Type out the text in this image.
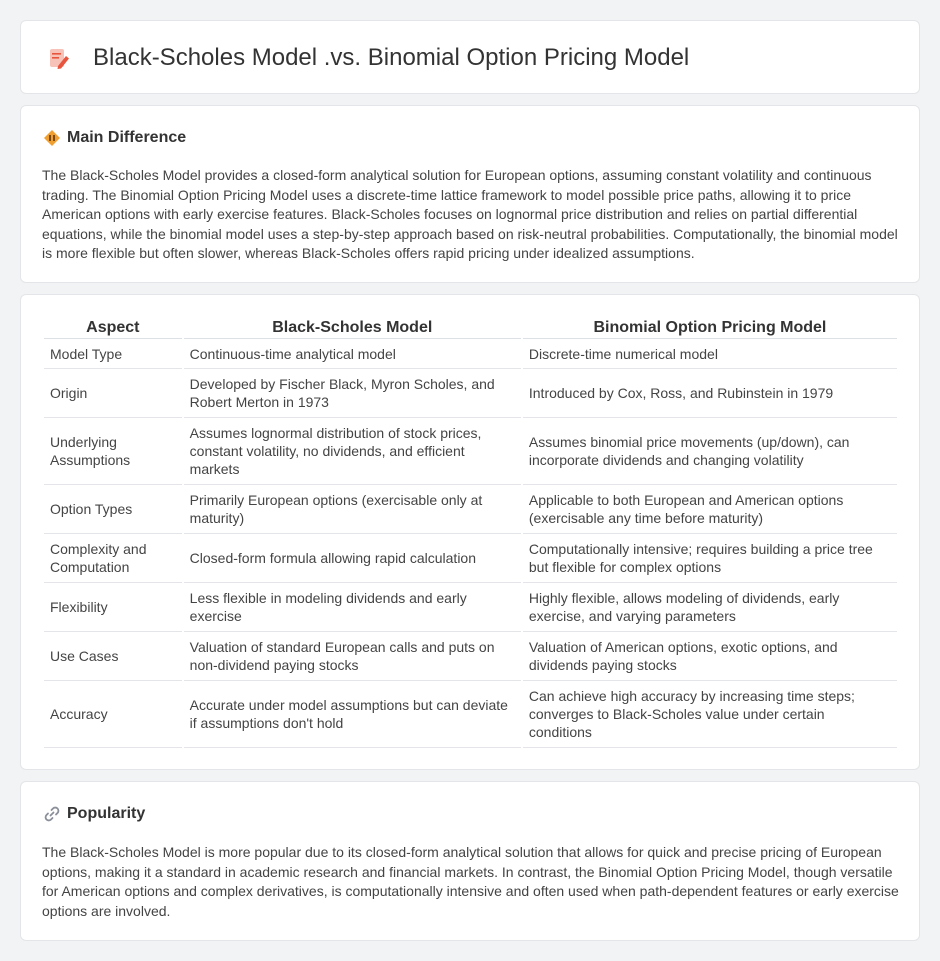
Black-Scholes Model .vs. Binomial Option Pricing Model
Main Difference

The Black-Scholes Model provides a closed-form analytical solution for European options, assuming constant volatility and continuous trading. The Binomial Option Pricing Model uses a discrete-time lattice framework to model possible price paths, allowing it to price American options with early exercise features. Black-Scholes focuses on lognormal price distribution and relies on partial differential equations, while the binomial model uses a step-by-step approach based on risk-neutral probabilities. Computationally, the binomial model is more flexible but often slower, whereas Black-Scholes offers rapid pricing under idealized assumptions.

Aspect	Black-Scholes Model	Binomial Option Pricing Model
Model Type	Continuous-time analytical model	Discrete-time numerical model
Origin	Developed by Fischer Black, Myron Scholes, and Robert Merton in 1973	Introduced by Cox, Ross, and Rubinstein in 1979
Underlying Assumptions	Assumes lognormal distribution of stock prices, constant volatility, no dividends, and efficient markets	Assumes binomial price movements (up/down), can incorporate dividends and changing volatility
Option Types	Primarily European options (exercisable only at maturity)	Applicable to both European and American options (exercisable any time before maturity)
Complexity and Computation	Closed-form formula allowing rapid calculation	Computationally intensive; requires building a price tree but flexible for complex options
Flexibility	Less flexible in modeling dividends and early exercise	Highly flexible, allows modeling of dividends, early exercise, and varying parameters
Use Cases	Valuation of standard European calls and puts on non-dividend paying stocks	Valuation of American options, exotic options, and dividends paying stocks
Accuracy	Accurate under model assumptions but can deviate if assumptions don't hold	Can achieve high accuracy by increasing time steps; converges to Black-Scholes value under certain conditions
Popularity

The Black-Scholes Model is more popular due to its closed-form analytical solution that allows for quick and precise pricing of European options, making it a standard in academic research and financial markets. In contrast, the Binomial Option Pricing Model, though versatile for American options and complex derivatives, is computationally intensive and often used when path-dependent features or early exercise options are involved.
